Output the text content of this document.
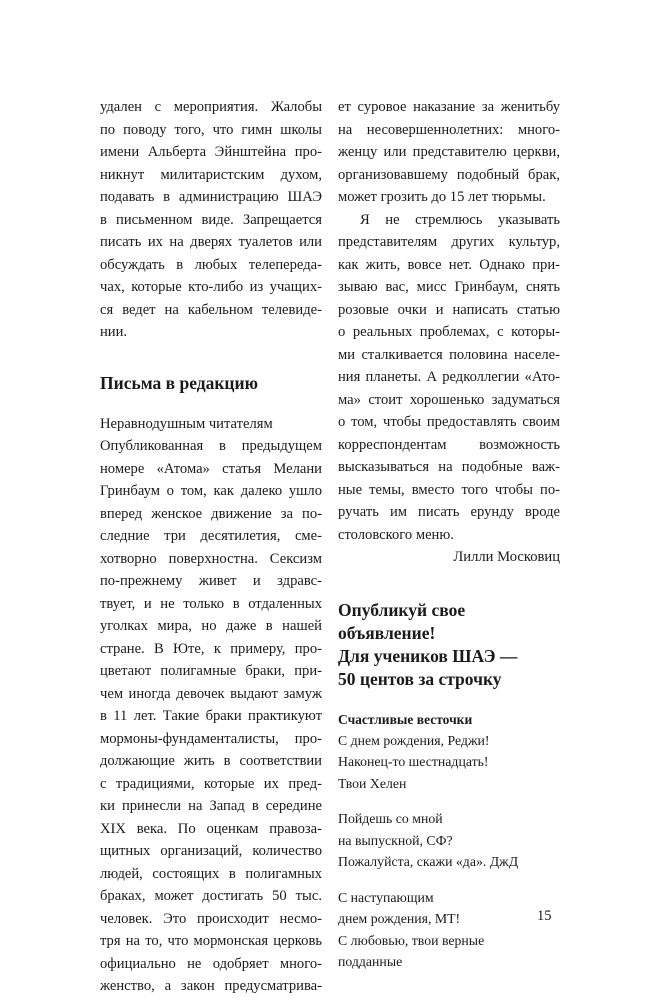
удален с мероприятия. Жалобы
по поводу того, что гимн школы
имени Альберта Эйнштейна про-
никнут милитаристским духом,
подавать в администрацию ШАЭ
в письменном виде. Запрещается
писать их на дверях туалетов или
обсуждать в любых телепереда-
чах, которые кто-либо из учащих-
ся ведет на кабельном телевиде-
нии.
Письма в редакцию
Неравнодушным читателям
Опубликованная в предыдущем
номере «Атома» статья Мелани
Гринбаум о том, как далеко ушло
вперед женское движение за по-
следние три десятилетия, сме-
хотворно поверхностна. Сексизм
по-прежнему живет и здравс-
твует, и не только в отдаленных
уголках мира, но даже в нашей
стране. В Юте, к примеру, про-
цветают полигамные браки, при-
чем иногда девочек выдают замуж
в 11 лет. Такие браки практикуют
мормоны-фундаменталисты, про-
должающие жить в соответствии
с традициями, которые их пред-
ки принесли на Запад в середине
XIX века. По оценкам правоза-
щитных организаций, количество
людей, состоящих в полигамных
браках, может достигать 50 тыс.
человек. Это происходит несмо-
тря на то, что мормонская церковь
официально не одобряет много-
женство, а закон предусматрива-
ет суровое наказание за женитьбу
на несовершеннолетних: много-
женцу или представителю церкви,
организовавшему подобный брак,
может грозить до 15 лет тюрьмы.
Я не стремлюсь указывать
представителям других культур,
как жить, вовсе нет. Однако при-
зываю вас, мисс Гринбаум, снять
розовые очки и написать статью
о реальных проблемах, с которы-
ми сталкивается половина населе-
ния планеты. А редколлегии «Ато-
ма» стоит хорошенько задуматься
о том, чтобы предоставлять своим
корреспондентам возможность
высказываться на подобные важ-
ные темы, вместо того чтобы по-
ручать им писать ерунду вроде
столовского меню.
Лилли Московиц
Опубликуй свое
объявление!
Для учеников ШАЭ —
50 центов за строчку
Счастливые весточки
С днем рождения, Реджи!
Наконец-то шестнадцать!
Твои Хелен
Пойдешь со мной
на выпускной, СФ?
Пожалуйста, скажи «да». ДжД
С наступающим
днем рождения, МТ!
С любовью, твои верные
подданные
15
